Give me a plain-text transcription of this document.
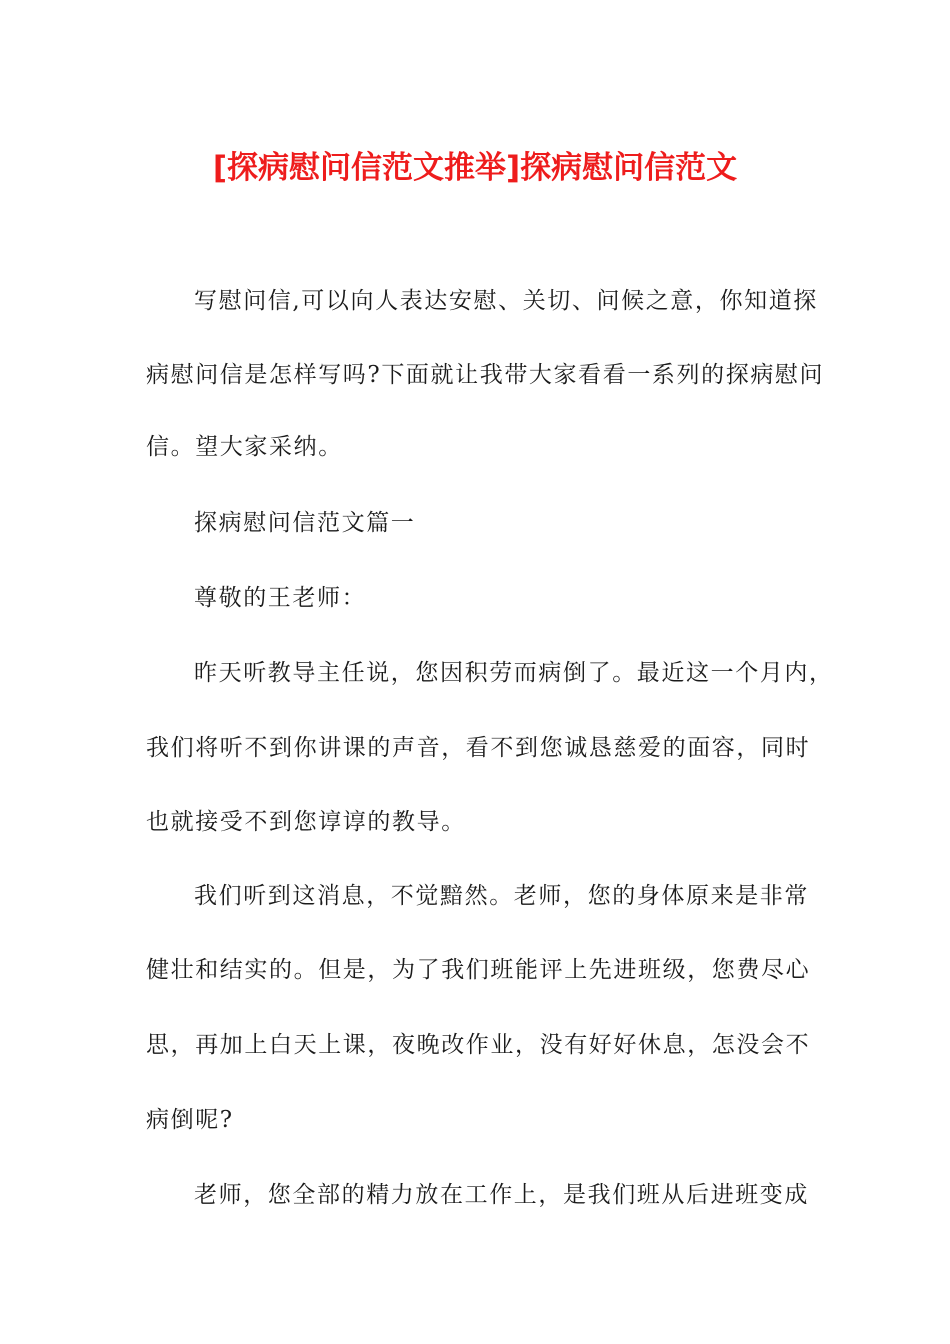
[探病慰问信范文推举]探病慰问信范文
写慰问信,可以向人表达安慰、关切、问候之意，你知道探
病慰问信是怎样写吗?下面就让我带大家看看一系列的探病慰问
信。望大家采纳。
探病慰问信范文篇一
尊敬的王老师：
昨天听教导主任说，您因积劳而病倒了。最近这一个月内，
我们将听不到你讲课的声音，看不到您诚恳慈爱的面容，同时
也就接受不到您谆谆的教导。
我们听到这消息，不觉黯然。老师，您的身体原来是非常
健壮和结实的。但是，为了我们班能评上先进班级，您费尽心
思，再加上白天上课，夜晚改作业，没有好好休息，怎没会不
病倒呢?
老师，您全部的精力放在工作上，是我们班从后进班变成
